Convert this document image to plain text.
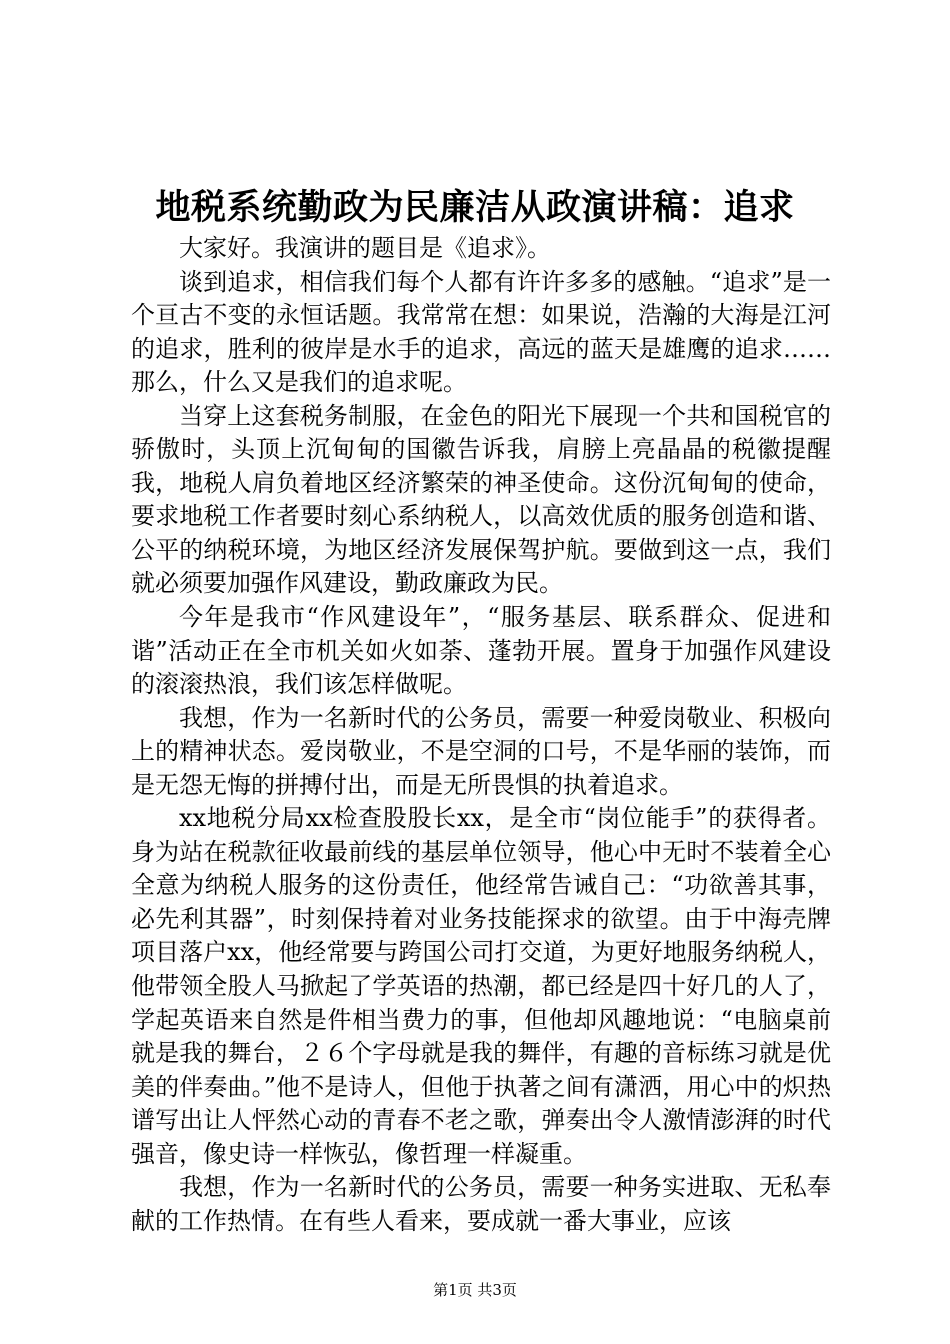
地税系统勤政为民廉洁从政演讲稿：追求

大家好。我演讲的题目是《追求》。

谈到追求，相信我们每个人都有许许多多的感触。“追求”是一个亘古不变的永恒话题。我常常在想：如果说，浩瀚的大海是江河的追求，胜利的彼岸是水手的追求，高远的蓝天是雄鹰的追求……那么，什么又是我们的追求呢。

当穿上这套税务制服，在金色的阳光下展现一个共和国税官的骄傲时，头顶上沉甸甸的国徽告诉我，肩膀上亮晶晶的税徽提醒我，地税人肩负着地区经济繁荣的神圣使命。这份沉甸甸的使命，要求地税工作者要时刻心系纳税人，以高效优质的服务创造和谐、公平的纳税环境，为地区经济发展保驾护航。要做到这一点，我们就必须要加强作风建设，勤政廉政为民。

今年是我市“作风建设年”，“服务基层、联系群众、促进和谐”活动正在全市机关如火如荼、蓬勃开展。置身于加强作风建设的滚滚热浪，我们该怎样做呢。

我想，作为一名新时代的公务员，需要一种爱岗敬业、积极向上的精神状态。爱岗敬业，不是空洞的口号，不是华丽的装饰，而是无怨无悔的拼搏付出，而是无所畏惧的执着追求。

xx地税分局xx检查股股长xx，是全市“岗位能手”的获得者。身为站在税款征收最前线的基层单位领导，他心中无时不装着全心全意为纳税人服务的这份责任，他经常告诫自己：“功欲善其事，必先利其器”，时刻保持着对业务技能探求的欲望。由于中海壳牌项目落户xx，他经常要与跨国公司打交道，为更好地服务纳税人，他带领全股人马掀起了学英语的热潮，都已经是四十好几的人了，学起英语来自然是件相当费力的事，但他却风趣地说：“电脑桌前就是我的舞台，２６个字母就是我的舞伴，有趣的音标练习就是优美的伴奏曲。”他不是诗人，但他于执著之间有潇洒，用心中的炽热谱写出让人怦然心动的青春不老之歌，弹奏出令人激情澎湃的时代强音，像史诗一样恢弘，像哲理一样凝重。

我想，作为一名新时代的公务员，需要一种务实进取、无私奉献的工作热情。在有些人看来，要成就一番大事业，应该

第1页 共3页
